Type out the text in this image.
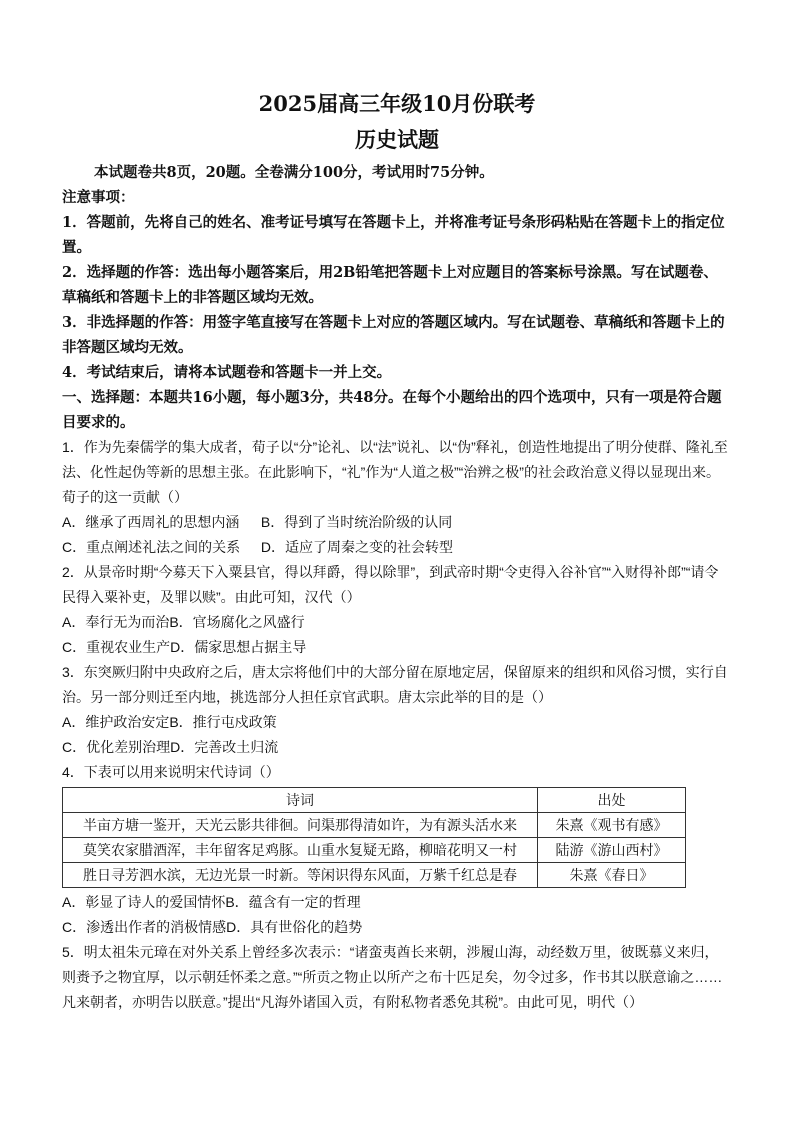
2025届高三年级10月份联考
历史试题

本试题卷共8页，20题。全卷满分100分，考试用时75分钟。

注意事项：

1．答题前，先将自己的姓名、准考证号填写在答题卡上，并将准考证号条形码粘贴在答题卡上的指定位置。

2．选择题的作答：选出每小题答案后，用2B铅笔把答题卡上对应题目的答案标号涂黑。写在试题卷、草稿纸和答题卡上的非答题区域均无效。

3．非选择题的作答：用签字笔直接写在答题卡上对应的答题区域内。写在试题卷、草稿纸和答题卡上的非答题区域均无效。

4．考试结束后，请将本试题卷和答题卡一并上交。

一、选择题：本题共16小题，每小题3分，共48分。在每个小题给出的四个选项中，只有一项是符合题目要求的。

1．作为先秦儒学的集大成者，荀子以“分”论礼、以“法”说礼、以“伪”释礼，创造性地提出了明分使群、隆礼至法、化性起伪等新的思想主张。在此影响下，“礼”作为“人道之极”“治辨之极”的社会政治意义得以显现出来。荀子的这一贡献（）

A．继承了西周礼的思想内涵 B．得到了当时统治阶级的认同

C．重点阐述礼法之间的关系 D．适应了周秦之变的社会转型

2．从景帝时期“今募天下入粟县官，得以拜爵，得以除罪”，到武帝时期“令吏得入谷补官”“入财得补郎”“请令民得入粟补吏，及罪以赎”。由此可知，汉代（）

A．奉行无为而治B．官场腐化之风盛行

C．重视农业生产D．儒家思想占据主导

3．东突厥归附中央政府之后，唐太宗将他们中的大部分留在原地定居，保留原来的组织和风俗习惯，实行自治。另一部分则迁至内地，挑选部分人担任京官武职。唐太宗此举的目的是（）

A．维护政治安定B．推行屯戍政策

C．优化差别治理D．完善改土归流

4．下表可以用来说明宋代诗词（）

诗词	出处
半亩方塘一鉴开，天光云影共徘徊。问渠那得清如许，为有源头活水来	朱熹《观书有感》
莫笑农家腊酒浑，丰年留客足鸡豚。山重水复疑无路，柳暗花明又一村	陆游《游山西村》
胜日寻芳泗水滨，无边光景一时新。等闲识得东风面，万紫千红总是春	朱熹《春日》

A．彰显了诗人的爱国情怀B．蕴含有一定的哲理

C．渗透出作者的消极情感D．具有世俗化的趋势

5．明太祖朱元璋在对外关系上曾经多次表示：“诸蛮夷酋长来朝，涉履山海，动经数万里，彼既慕义来归，则赉予之物宜厚，以示朝廷怀柔之意。”“所贡之物止以所产之布十匹足矣，勿令过多，作书其以朕意谕之……凡来朝者，亦明告以朕意。”提出“凡海外诸国入贡，有附私物者悉免其税”。由此可见，明代（）
